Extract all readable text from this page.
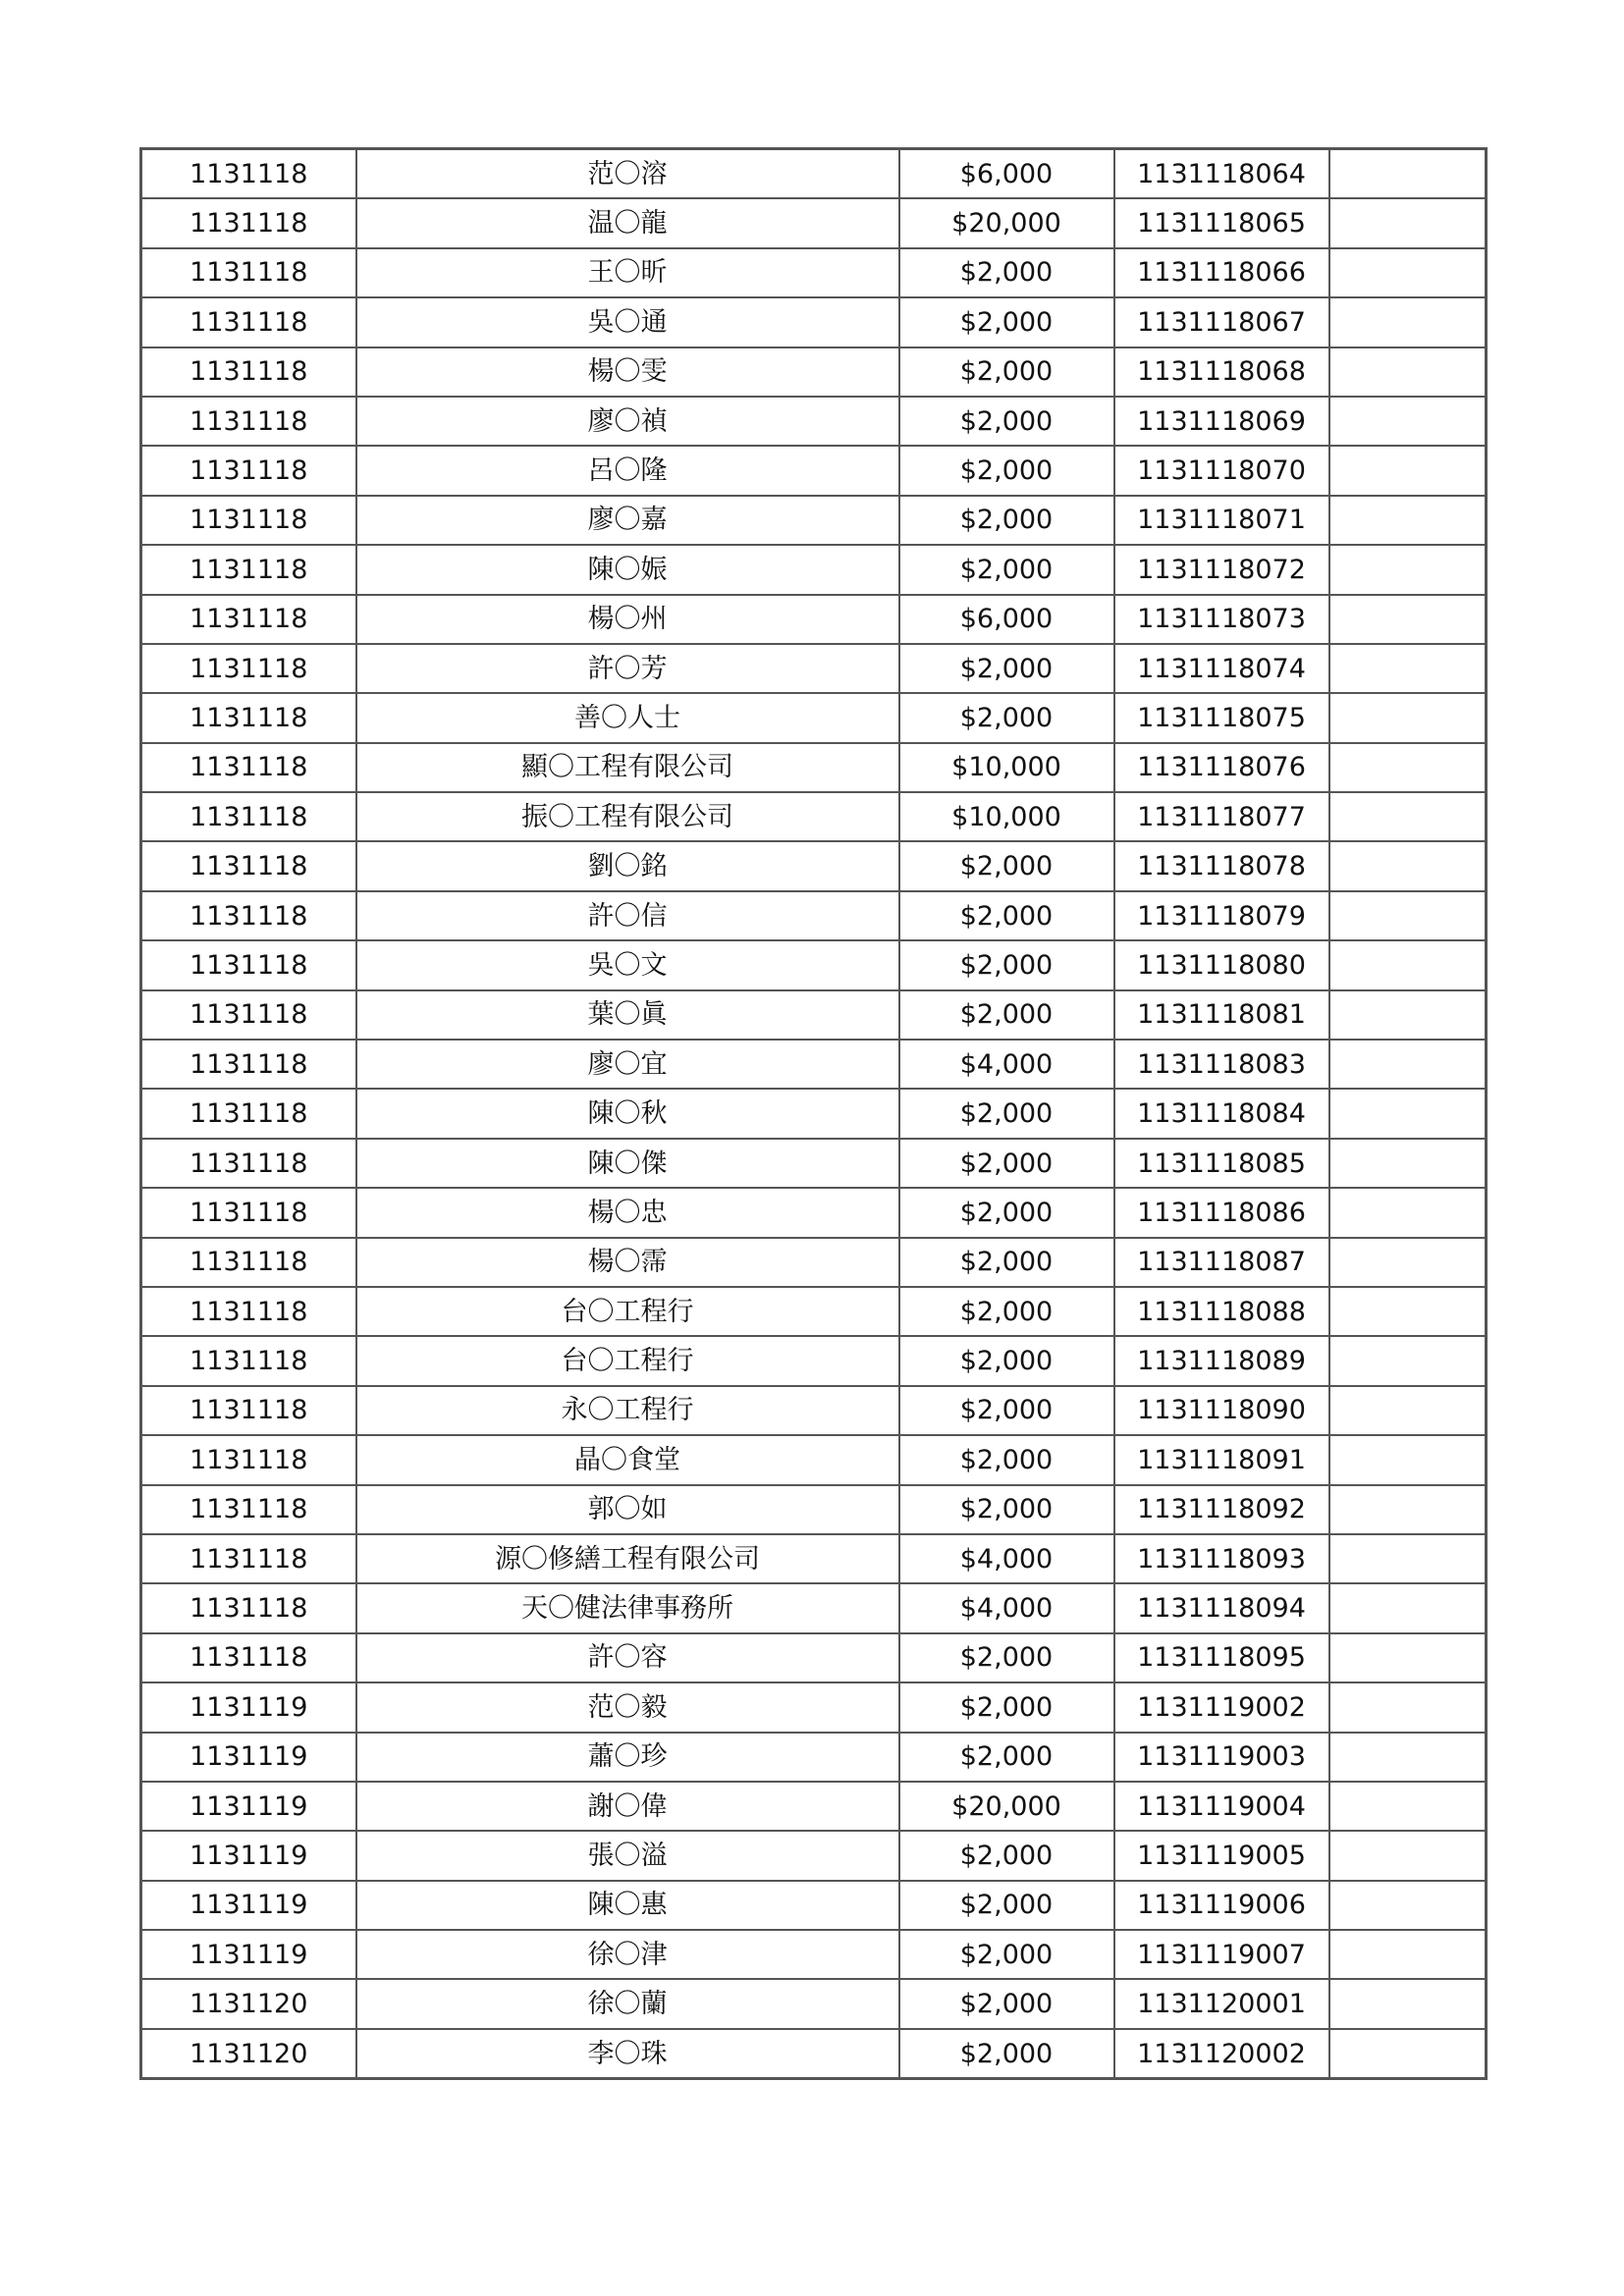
1131118	范〇溶	$6,000	1131118064	
1131118	温〇龍	$20,000	1131118065	
1131118	王〇昕	$2,000	1131118066	
1131118	吳〇通	$2,000	1131118067	
1131118	楊〇雯	$2,000	1131118068	
1131118	廖〇禎	$2,000	1131118069	
1131118	呂〇隆	$2,000	1131118070	
1131118	廖〇嘉	$2,000	1131118071	
1131118	陳〇娠	$2,000	1131118072	
1131118	楊〇州	$6,000	1131118073	
1131118	許〇芳	$2,000	1131118074	
1131118	善〇人士	$2,000	1131118075	
1131118	顯〇工程有限公司	$10,000	1131118076	
1131118	振〇工程有限公司	$10,000	1131118077	
1131118	劉〇銘	$2,000	1131118078	
1131118	許〇信	$2,000	1131118079	
1131118	吳〇文	$2,000	1131118080	
1131118	葉〇眞	$2,000	1131118081	
1131118	廖〇宜	$4,000	1131118083	
1131118	陳〇秋	$2,000	1131118084	
1131118	陳〇傑	$2,000	1131118085	
1131118	楊〇忠	$2,000	1131118086	
1131118	楊〇霈	$2,000	1131118087	
1131118	台〇工程行	$2,000	1131118088	
1131118	台〇工程行	$2,000	1131118089	
1131118	永〇工程行	$2,000	1131118090	
1131118	晶〇食堂	$2,000	1131118091	
1131118	郭〇如	$2,000	1131118092	
1131118	源〇修繕工程有限公司	$4,000	1131118093	
1131118	天〇健法律事務所	$4,000	1131118094	
1131118	許〇容	$2,000	1131118095	
1131119	范〇毅	$2,000	1131119002	
1131119	蕭〇珍	$2,000	1131119003	
1131119	謝〇偉	$20,000	1131119004	
1131119	張〇溢	$2,000	1131119005	
1131119	陳〇惠	$2,000	1131119006	
1131119	徐〇津	$2,000	1131119007	
1131120	徐〇蘭	$2,000	1131120001	
1131120	李〇珠	$2,000	1131120002	
